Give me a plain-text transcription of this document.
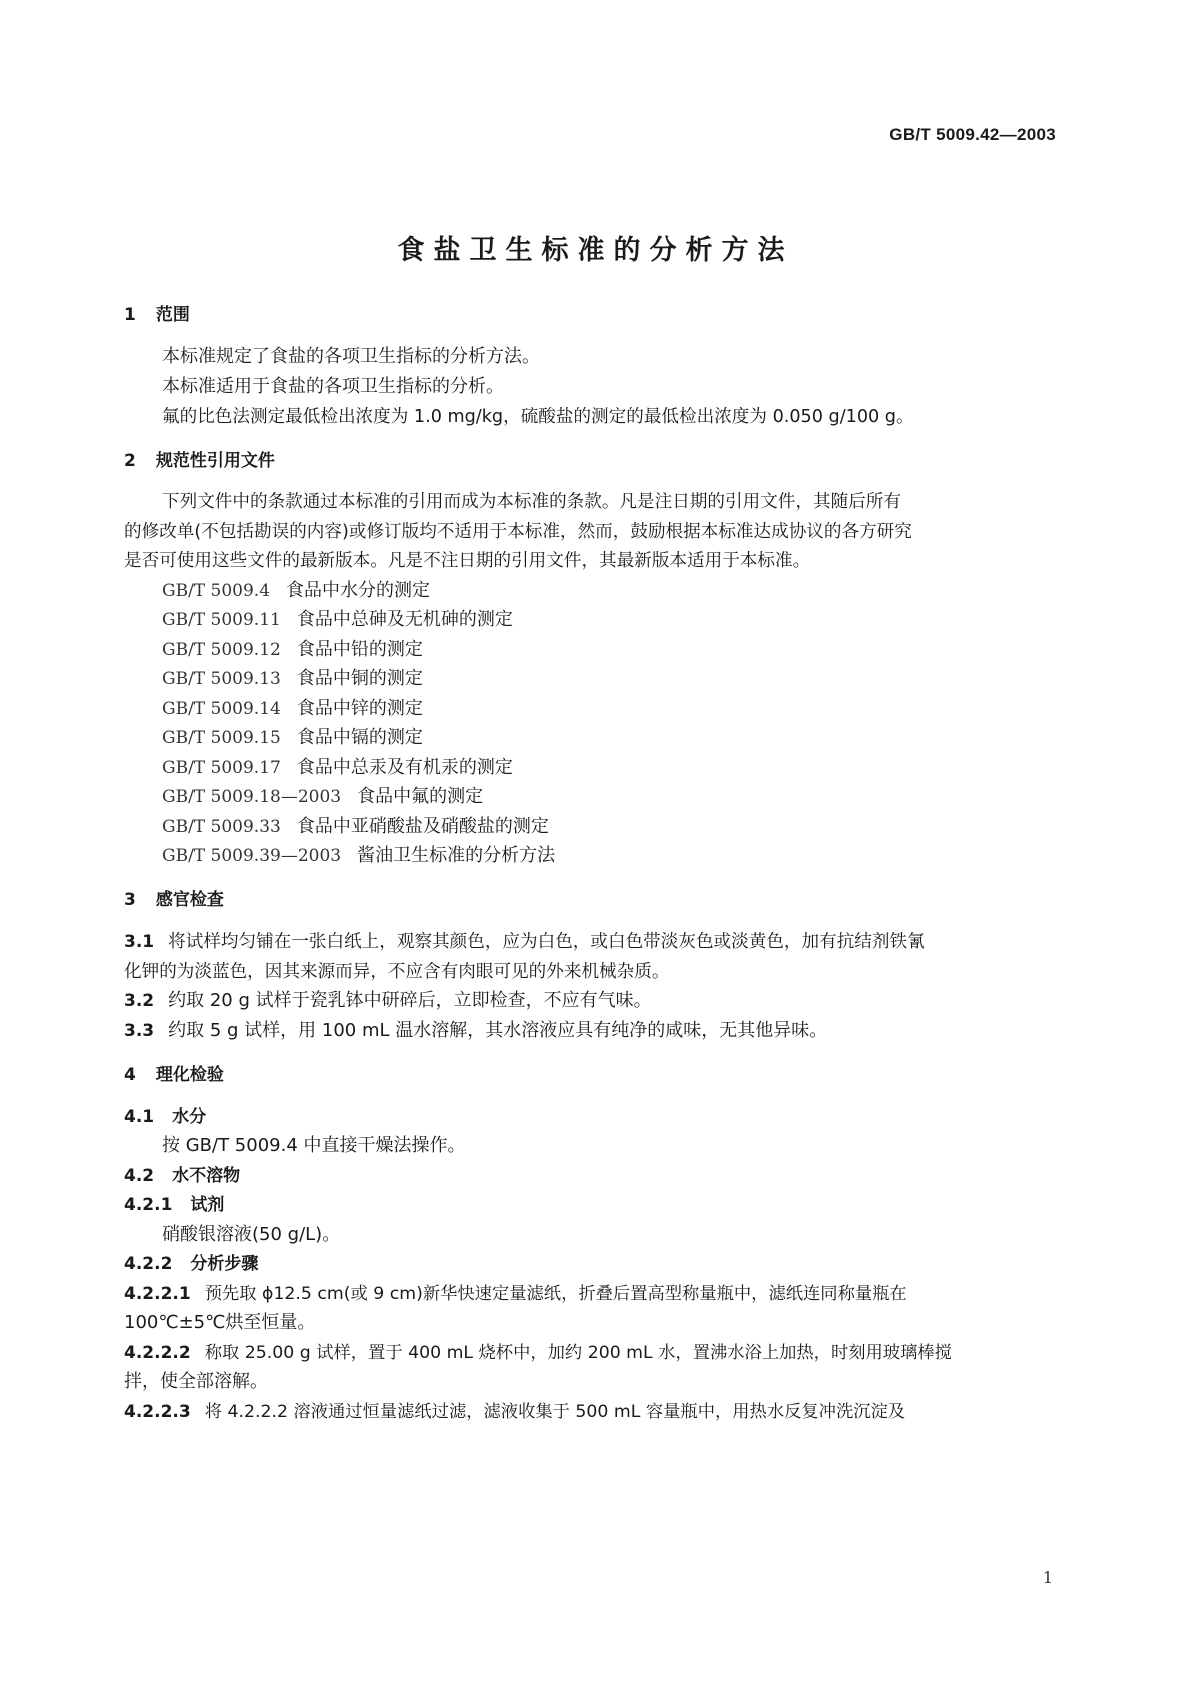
GB/T 5009.42—2003
食盐卫生标准的分析方法
1 范围
本标准规定了食盐的各项卫生指标的分析方法。
本标准适用于食盐的各项卫生指标的分析。
氟的比色法测定最低检出浓度为 1.0 mg/kg，硫酸盐的测定的最低检出浓度为 0.050 g/100 g。
2 规范性引用文件
下列文件中的条款通过本标准的引用而成为本标准的条款。凡是注日期的引用文件，其随后所有
的修改单(不包括勘误的内容)或修订版均不适用于本标准，然而，鼓励根据本标准达成协议的各方研究
是否可使用这些文件的最新版本。凡是不注日期的引用文件，其最新版本适用于本标准。
GB/T 5009.4 食品中水分的测定
GB/T 5009.11 食品中总砷及无机砷的测定
GB/T 5009.12 食品中铅的测定
GB/T 5009.13 食品中铜的测定
GB/T 5009.14 食品中锌的测定
GB/T 5009.15 食品中镉的测定
GB/T 5009.17 食品中总汞及有机汞的测定
GB/T 5009.18—2003 食品中氟的测定
GB/T 5009.33 食品中亚硝酸盐及硝酸盐的测定
GB/T 5009.39—2003 酱油卫生标准的分析方法
3 感官检查
3.1 将试样均匀铺在一张白纸上，观察其颜色，应为白色，或白色带淡灰色或淡黄色，加有抗结剂铁氰
化钾的为淡蓝色，因其来源而异，不应含有肉眼可见的外来机械杂质。
3.2 约取 20 g 试样于瓷乳钵中研碎后，立即检查，不应有气味。
3.3 约取 5 g 试样，用 100 mL 温水溶解，其水溶液应具有纯净的咸味，无其他异味。
4 理化检验
4.1 水分
按 GB/T 5009.4 中直接干燥法操作。
4.2 水不溶物
4.2.1 试剂
硝酸银溶液(50 g/L)。
4.2.2 分析步骤
4.2.2.1 预先取 ϕ12.5 cm(或 9 cm)新华快速定量滤纸，折叠后置高型称量瓶中，滤纸连同称量瓶在
100℃±5℃烘至恒量。
4.2.2.2 称取 25.00 g 试样，置于 400 mL 烧杯中，加约 200 mL 水，置沸水浴上加热，时刻用玻璃棒搅
拌，使全部溶解。
4.2.2.3 将 4.2.2.2 溶液通过恒量滤纸过滤，滤液收集于 500 mL 容量瓶中，用热水反复冲洗沉淀及
1
